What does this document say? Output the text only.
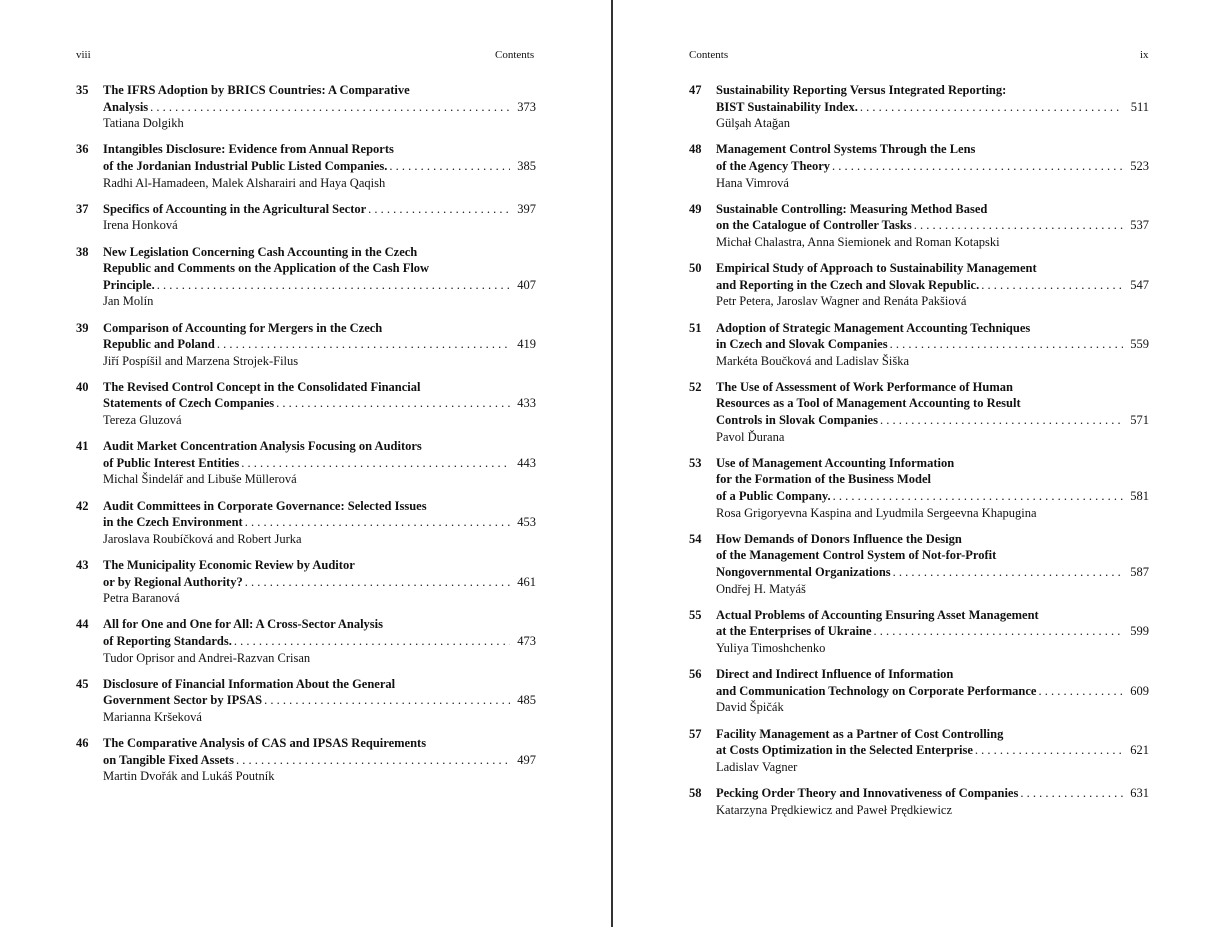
viii	Contents
35 The IFRS Adoption by BRICS Countries: A Comparative
Analysis . . .	373
Tatiana Dolgikh
36 Intangibles Disclosure: Evidence from Annual Reports
of the Jordanian Industrial Public Listed Companies. . . .	385
Radhi Al-Hamadeen, Malek Alsharairi and Haya Qaqish
37 Specifics of Accounting in the Agricultural Sector . . .	397
Irena Honková
38 New Legislation Concerning Cash Accounting in the Czech
Republic and Comments on the Application of the Cash Flow
Principle. . . .	407
Jan Molín
39 Comparison of Accounting for Mergers in the Czech
Republic and Poland . . .	419
Jiří Pospíšil and Marzena Strojek-Filus
40 The Revised Control Concept in the Consolidated Financial
Statements of Czech Companies . . .	433
Tereza Gluzová
41 Audit Market Concentration Analysis Focusing on Auditors
of Public Interest Entities . . .	443
Michal Šindelář and Libuše Müllerová
42 Audit Committees in Corporate Governance: Selected Issues
in the Czech Environment . . .	453
Jaroslava Roubíčková and Robert Jurka
43 The Municipality Economic Review by Auditor
or by Regional Authority? . . .	461
Petra Baranová
44 All for One and One for All: A Cross-Sector Analysis
of Reporting Standards. . . .	473
Tudor Oprisor and Andrei-Razvan Crisan
45 Disclosure of Financial Information About the General
Government Sector by IPSAS . . .	485
Marianna Kršeková
46 The Comparative Analysis of CAS and IPSAS Requirements
on Tangible Fixed Assets . . .	497
Martin Dvořák and Lukáš Poutník
Contents	ix
47 Sustainability Reporting Versus Integrated Reporting:
BIST Sustainability Index. . . .	511
Gülşah Atağan
48 Management Control Systems Through the Lens
of the Agency Theory . . .	523
Hana Vimrová
49 Sustainable Controlling: Measuring Method Based
on the Catalogue of Controller Tasks . . .	537
Michał Chalastra, Anna Siemionek and Roman Kotapski
50 Empirical Study of Approach to Sustainability Management
and Reporting in the Czech and Slovak Republic. . . .	547
Petr Petera, Jaroslav Wagner and Renáta Pakšiová
51 Adoption of Strategic Management Accounting Techniques
in Czech and Slovak Companies . . .	559
Markéta Boučková and Ladislav Šiška
52 The Use of Assessment of Work Performance of Human
Resources as a Tool of Management Accounting to Result
Controls in Slovak Companies . . .	571
Pavol Ďurana
53 Use of Management Accounting Information
for the Formation of the Business Model
of a Public Company. . . .	581
Rosa Grigoryevna Kaspina and Lyudmila Sergeevna Khapugina
54 How Demands of Donors Influence the Design
of the Management Control System of Not-for-Profit
Nongovernmental Organizations . . .	587
Ondřej H. Matyáš
55 Actual Problems of Accounting Ensuring Asset Management
at the Enterprises of Ukraine . . .	599
Yuliya Timoshchenko
56 Direct and Indirect Influence of Information
and Communication Technology on Corporate Performance . . .	609
David Špičák
57 Facility Management as a Partner of Cost Controlling
at Costs Optimization in the Selected Enterprise . . .	621
Ladislav Vagner
58 Pecking Order Theory and Innovativeness of Companies . . .	631
Katarzyna Prędkiewicz and Paweł Prędkiewicz
